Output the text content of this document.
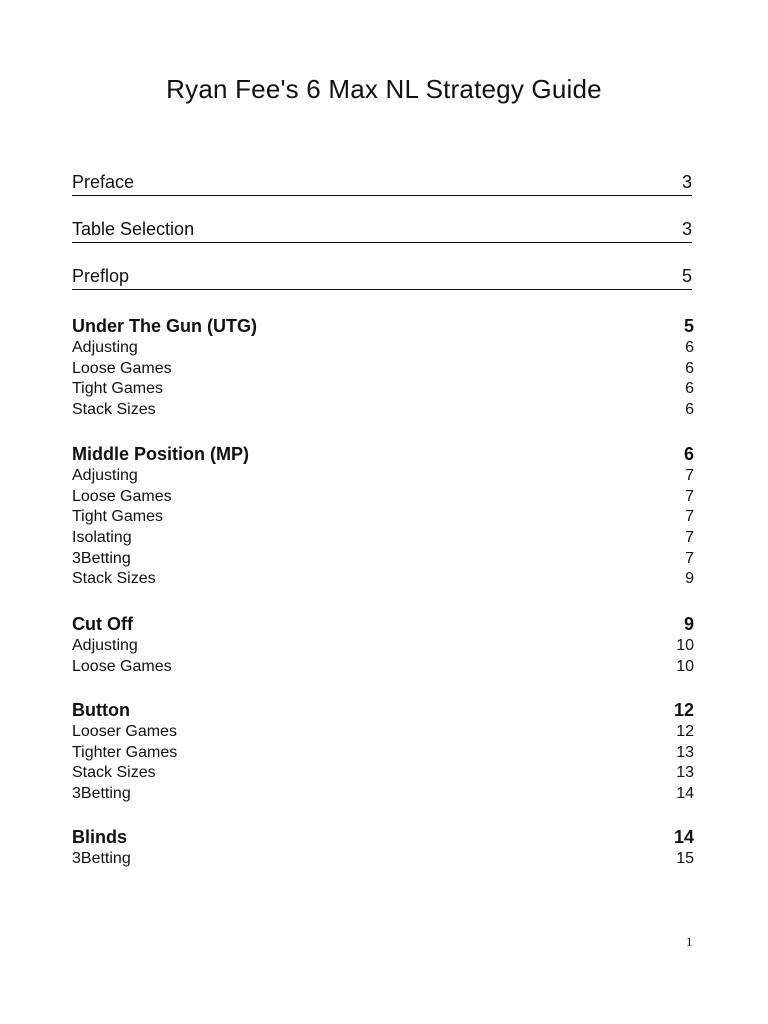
Ryan Fee's 6 Max NL Strategy Guide
Preface	3
Table Selection	3
Preflop	5
Under The Gun (UTG)	5
Adjusting	6
Loose Games	6
Tight Games	6
Stack Sizes	6
Middle Position (MP)	6
Adjusting	7
Loose Games	7
Tight Games	7
Isolating	7
3Betting	7
Stack Sizes	9
Cut Off	9
Adjusting	10
Loose Games	10
Button	12
Looser Games	12
Tighter Games	13
Stack Sizes	13
3Betting	14
Blinds	14
3Betting	15
1
